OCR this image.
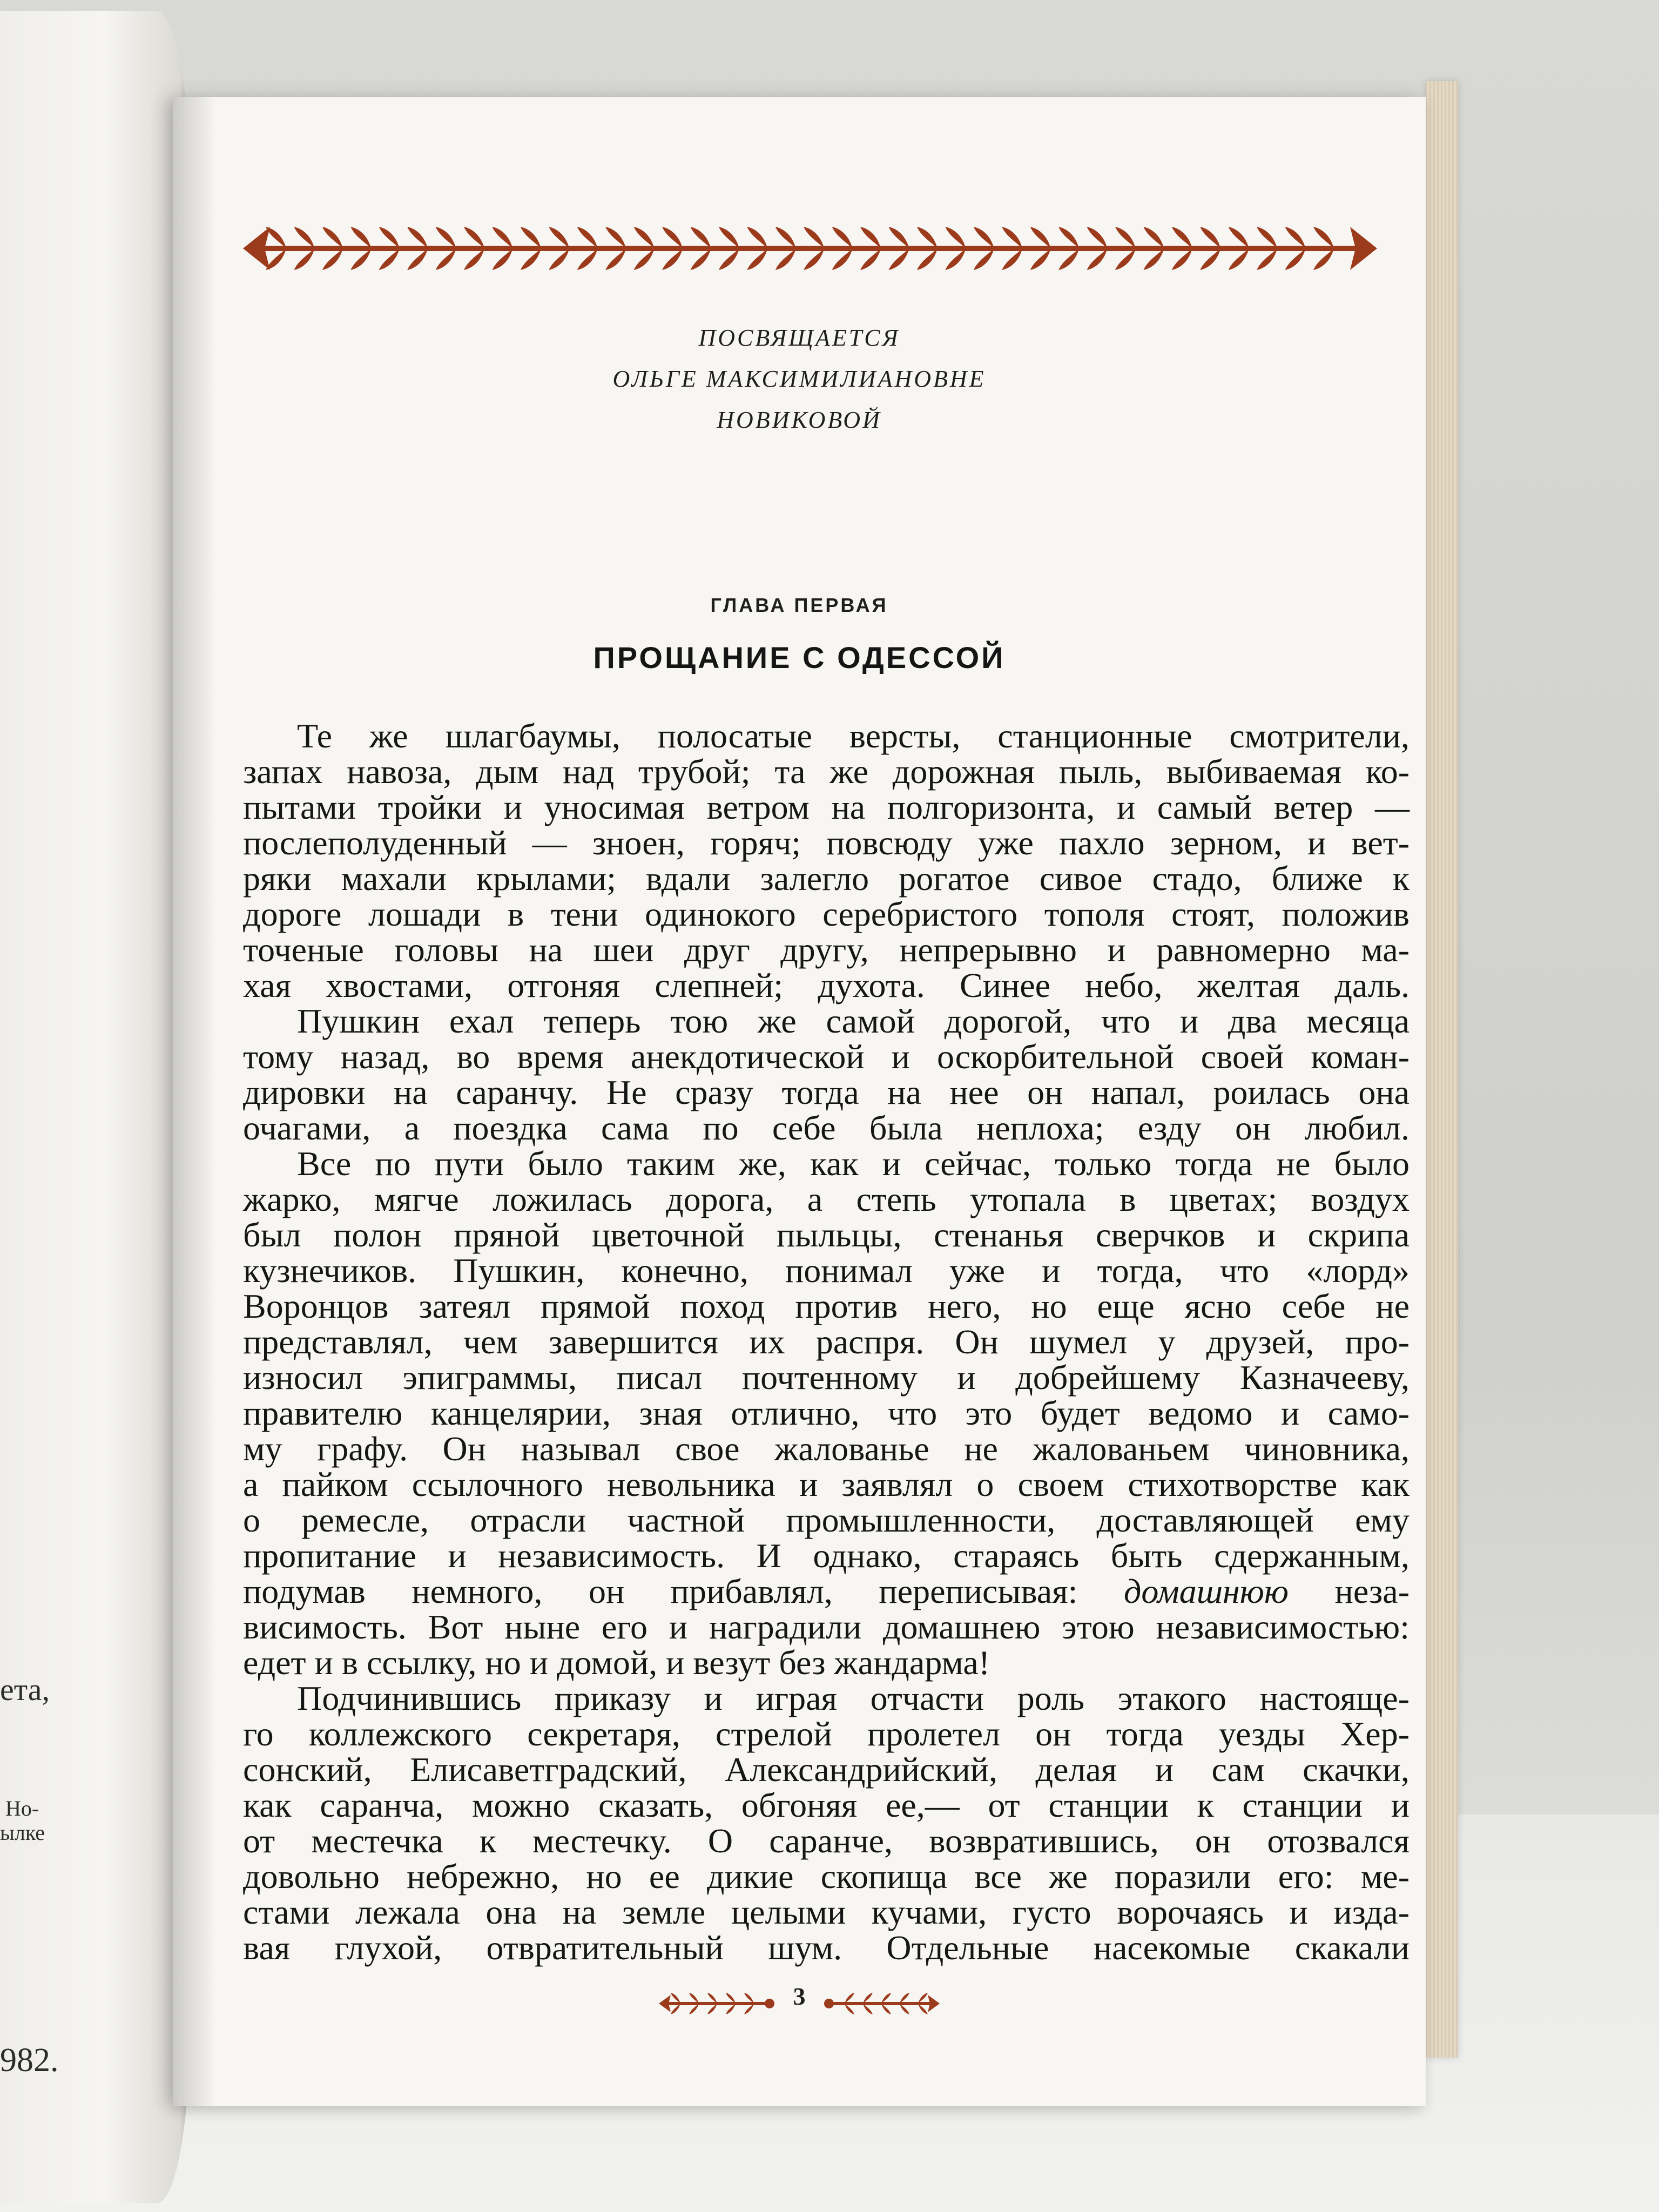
ета,
Но-
ылке
982.
ПОСВЯЩАЕТСЯ
ОЛЬГЕ МАКСИМИЛИАНОВНЕ
НОВИКОВОЙ
ГЛАВА ПЕРВАЯ
ПРОЩАНИЕ С ОДЕССОЙ
Те же шлагбаумы, полосатые версты, станционные смотрители,
запах навоза, дым над трубой; та же дорожная пыль, выбиваемая ко-
пытами тройки и уносимая ветром на полгоризонта, и самый ветер —
послеполуденный — зноен, горяч; повсюду уже пахло зерном, и вет-
ряки махали крылами; вдали залегло рогатое сивое стадо, ближе к
дороге лошади в тени одинокого серебристого тополя стоят, положив
точеные головы на шеи друг другу, непрерывно и равномерно ма-
хая хвостами, отгоняя слепней; духота. Синее небо, желтая даль.
Пушкин ехал теперь тою же самой дорогой, что и два месяца
тому назад, во время анекдотической и оскорбительной своей коман-
дировки на саранчу. Не сразу тогда на нее он напал, роилась она
очагами, а поездка сама по себе была неплоха; езду он любил.
Все по пути было таким же, как и сейчас, только тогда не было
жарко, мягче ложилась дорога, а степь утопала в цветах; воздух
был полон пряной цветочной пыльцы, стенанья сверчков и скрипа
кузнечиков. Пушкин, конечно, понимал уже и тогда, что «лорд»
Воронцов затеял прямой поход против него, но еще ясно себе не
представлял, чем завершится их распря. Он шумел у друзей, про-
износил эпиграммы, писал почтенному и добрейшему Казначееву,
правителю канцелярии, зная отлично, что это будет ведомо и само-
му графу. Он называл свое жалованье не жалованьем чиновника,
а пайком ссылочного невольника и заявлял о своем стихотворстве как
о ремесле, отрасли частной промышленности, доставляющей ему
пропитание и независимость. И однако, стараясь быть сдержанным,
подумав немного, он прибавлял, переписывая: домашнюю неза-
висимость. Вот ныне его и наградили домашнею этою независимостью:
едет и в ссылку, но и домой, и везут без жандарма!
Подчинившись приказу и играя отчасти роль этакого настояще-
го коллежского секретаря, стрелой пролетел он тогда уезды Хер-
сонский, Елисаветградский, Александрийский, делая и сам скачки,
как саранча, можно сказать, обгоняя ее,— от станции к станции и
от местечка к местечку. О саранче, возвратившись, он отозвался
довольно небрежно, но ее дикие скопища все же поразили его: ме-
стами лежала она на земле целыми кучами, густо ворочаясь и изда-
вая глухой, отвратительный шум. Отдельные насекомые скакали
3
